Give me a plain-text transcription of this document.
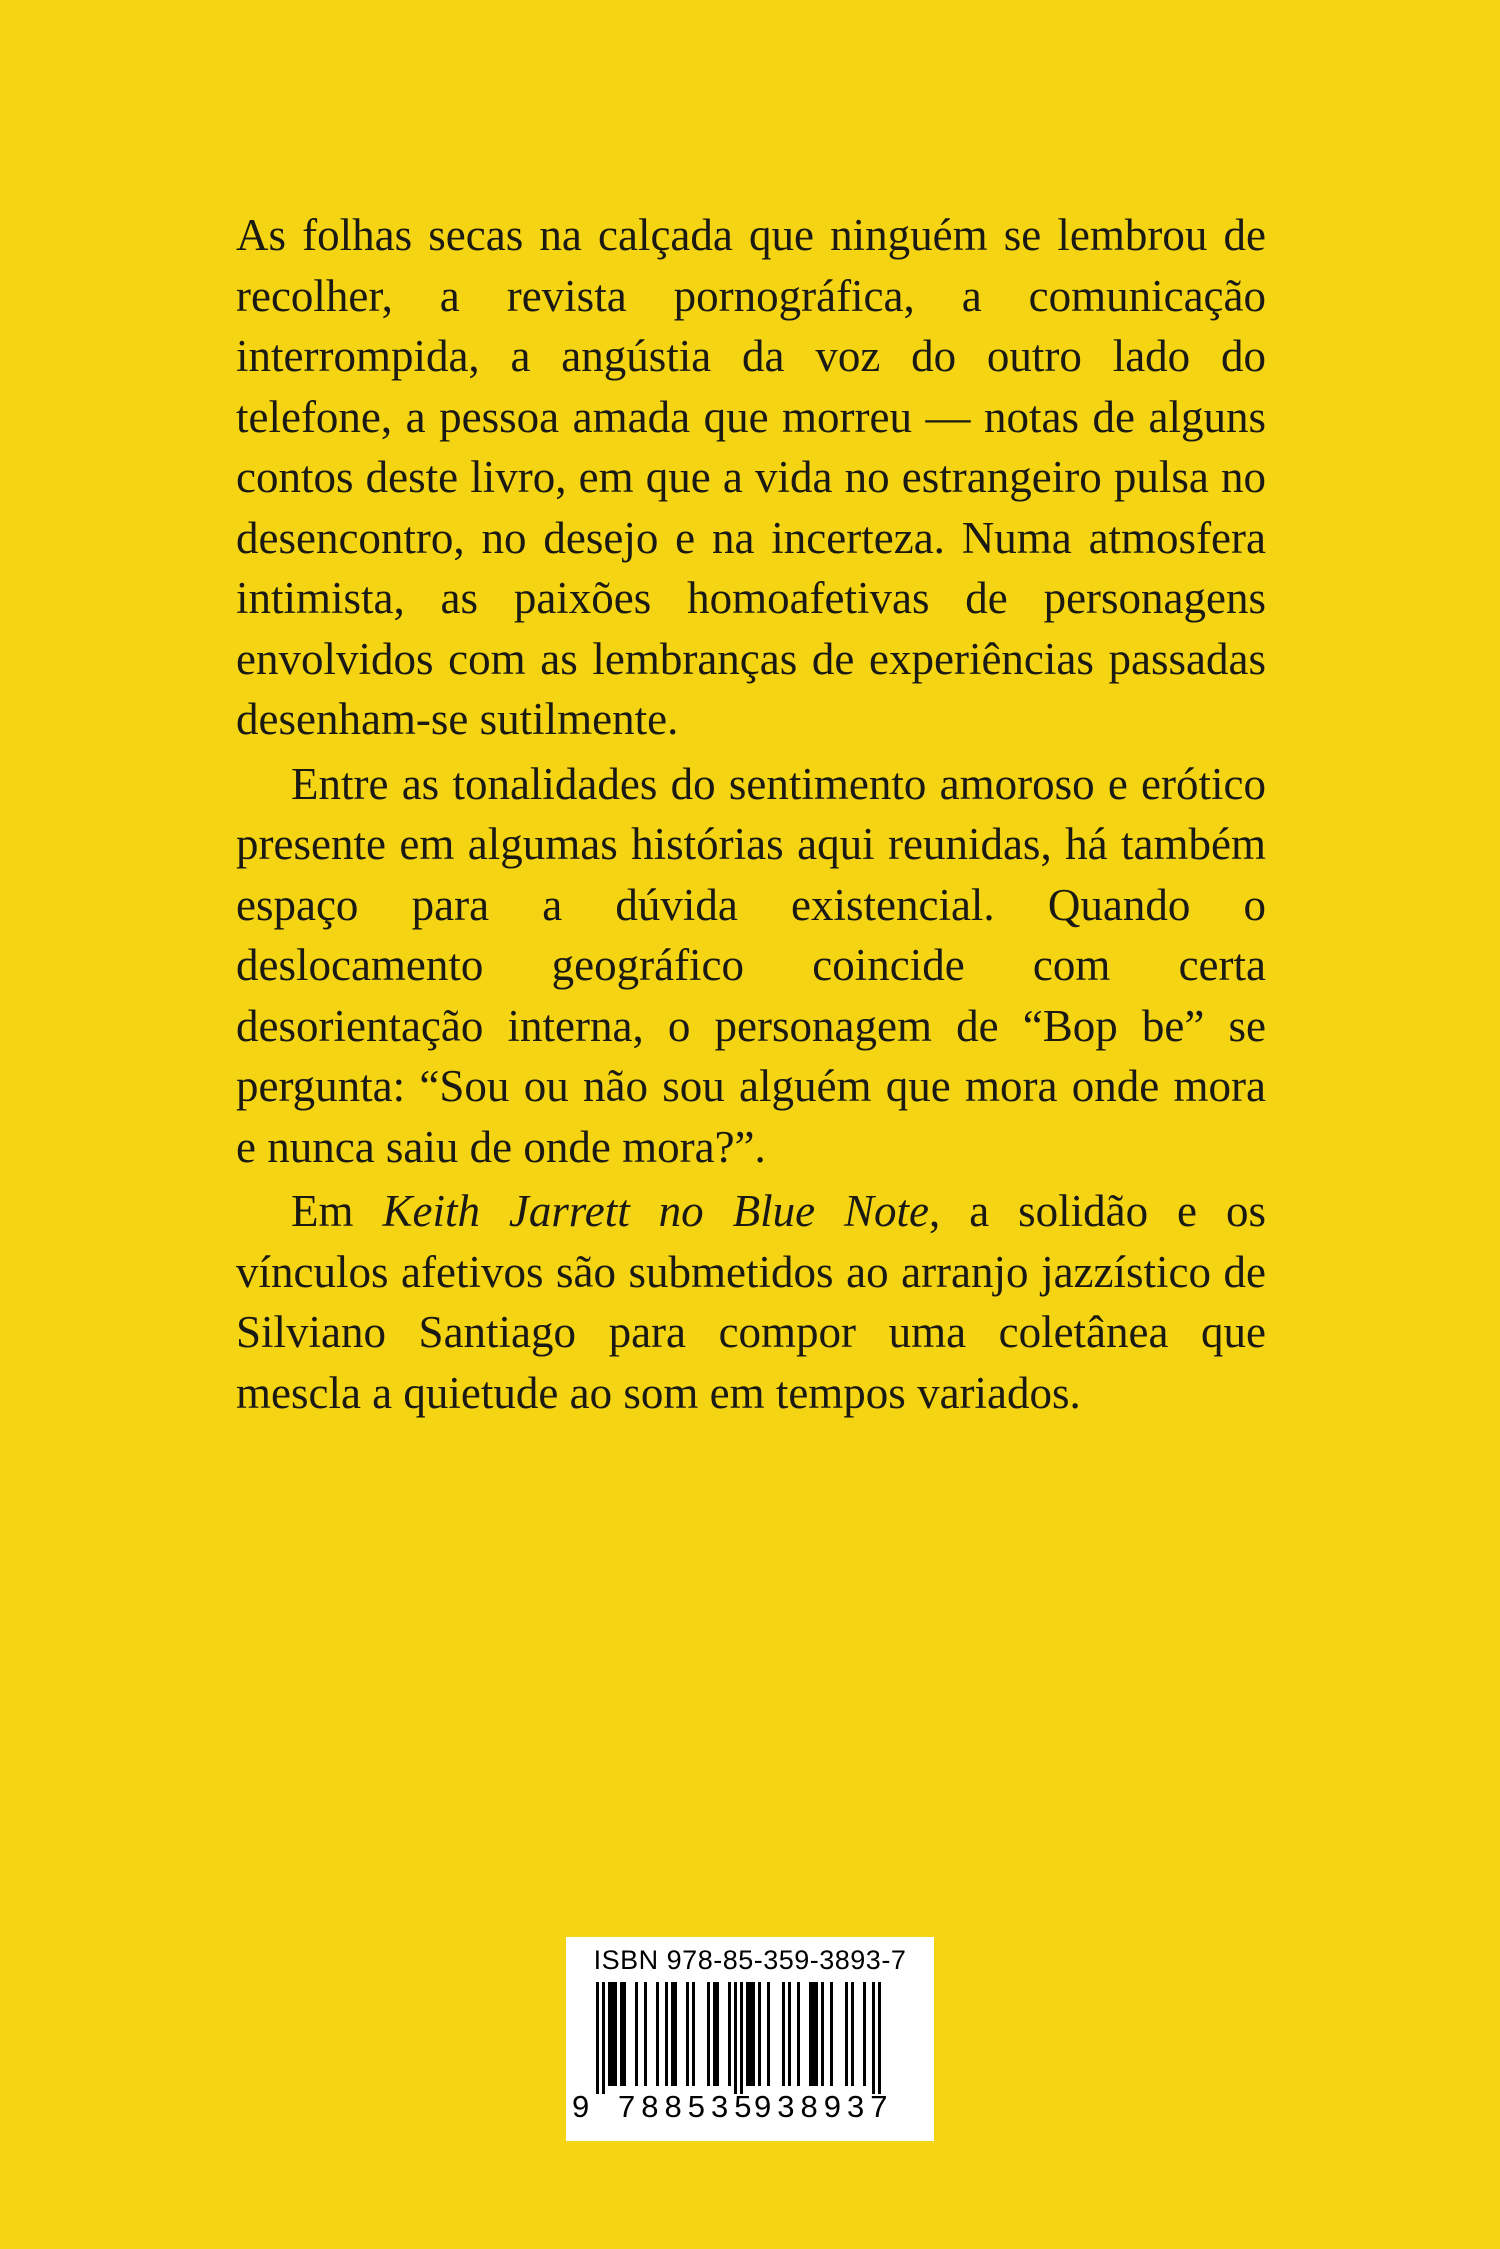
As folhas secas na calçada que ninguém se lembrou de recolher, a revista pornográfica, a comunicação interrompida, a angústia da voz do outro lado do telefone, a pessoa amada que morreu — notas de alguns contos deste livro, em que a vida no estrangeiro pulsa no desencontro, no desejo e na incerteza. Numa atmosfera intimista, as paixões homoafetivas de personagens envolvidos com as lembranças de experiências passadas desenham-se sutilmente.

Entre as tonalidades do sentimento amoroso e erótico presente em algumas histórias aqui reunidas, há também espaço para a dúvida existencial. Quando o deslocamento geográfico coincide com certa desorientação interna, o personagem de “Bop be” se pergunta: “Sou ou não sou alguém que mora onde mora e nunca saiu de onde mora?”.

Em Keith Jarrett no Blue Note, a solidão e os vínculos afetivos são submetidos ao arranjo jazzístico de Silviano Santiago para compor uma coletânea que mescla a quietude ao som em tempos variados.

ISBN 978-85-359-3893-7
9 788535
938937
